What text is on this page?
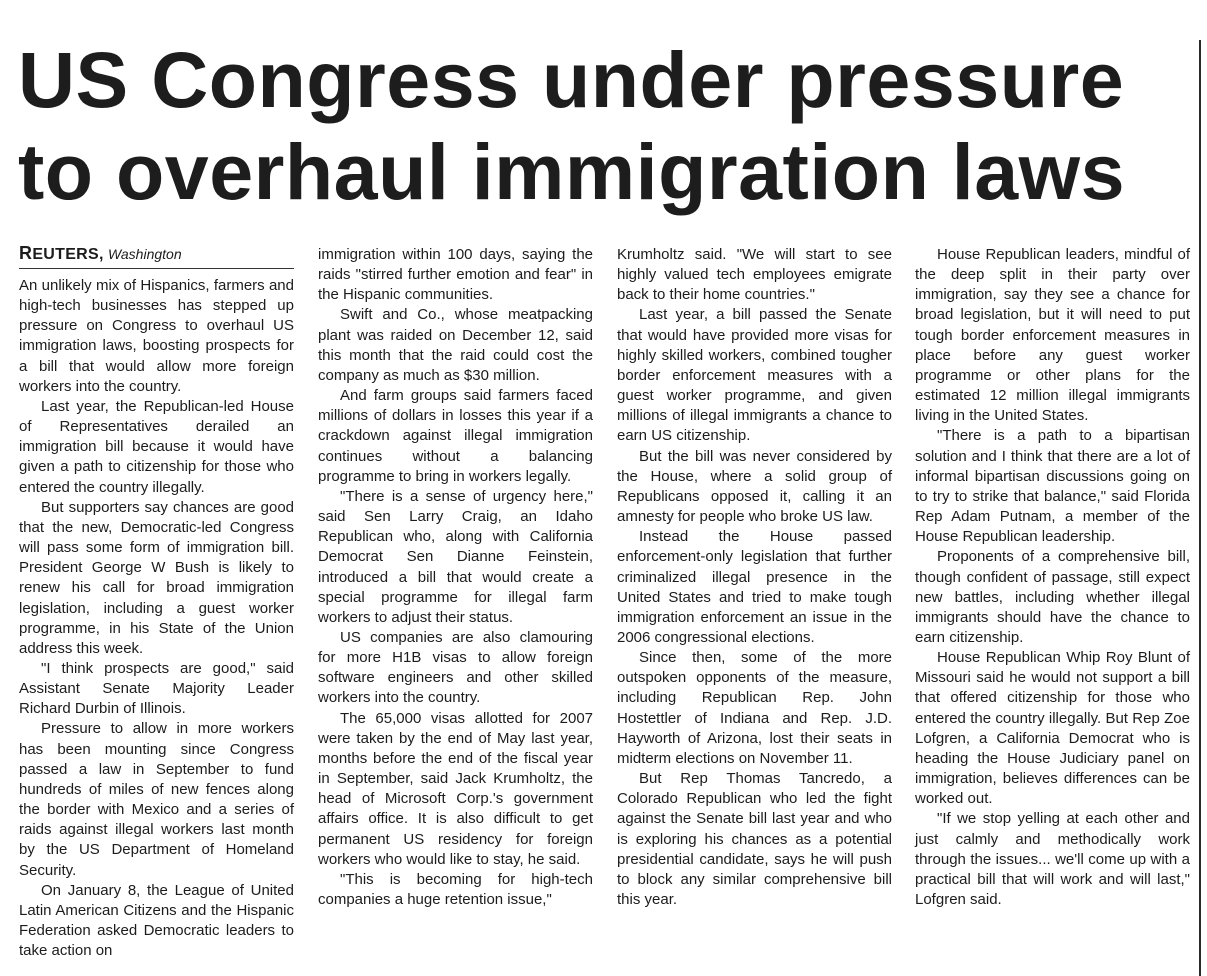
US Congress under pressure
to overhaul immigration laws
REUTERS, Washington

An unlikely mix of Hispanics, farmers and high-tech businesses has stepped up pressure on Congress to overhaul US immigration laws, boosting prospects for a bill that would allow more foreign workers into the country.

Last year, the Republican-led House of Representatives derailed an immigration bill because it would have given a path to citizenship for those who entered the country illegally.

But supporters say chances are good that the new, Democratic-led Congress will pass some form of immigration bill. President George W Bush is likely to renew his call for broad immigration legislation, including a guest worker programme, in his State of the Union address this week.

"I think prospects are good," said Assistant Senate Majority Leader Richard Durbin of Illinois.

Pressure to allow in more workers has been mounting since Congress passed a law in September to fund hundreds of miles of new fences along the border with Mexico and a series of raids against illegal workers last month by the US Department of Homeland Security.

On January 8, the League of United Latin American Citizens and the Hispanic Federation asked Democratic leaders to take action on

immigration within 100 days, saying the raids "stirred further emotion and fear" in the Hispanic communities.

Swift and Co., whose meatpacking plant was raided on December 12, said this month that the raid could cost the company as much as $30 million.

And farm groups said farmers faced millions of dollars in losses this year if a crackdown against illegal immigration continues without a balancing programme to bring in workers legally.

"There is a sense of urgency here," said Sen Larry Craig, an Idaho Republican who, along with California Democrat Sen Dianne Feinstein, introduced a bill that would create a special programme for illegal farm workers to adjust their status.

US companies are also clamouring for more H1B visas to allow foreign software engineers and other skilled workers into the country.

The 65,000 visas allotted for 2007 were taken by the end of May last year, months before the end of the fiscal year in September, said Jack Krumholtz, the head of Microsoft Corp.'s government affairs office. It is also difficult to get permanent US residency for foreign workers who would like to stay, he said.

"This is becoming for high-tech companies a huge retention issue,"

Krumholtz said. "We will start to see highly valued tech employees emigrate back to their home countries."

Last year, a bill passed the Senate that would have provided more visas for highly skilled workers, combined tougher border enforcement measures with a guest worker programme, and given millions of illegal immigrants a chance to earn US citizenship.

But the bill was never considered by the House, where a solid group of Republicans opposed it, calling it an amnesty for people who broke US law.

Instead the House passed enforcement-only legislation that further criminalized illegal presence in the United States and tried to make tough immigration enforcement an issue in the 2006 congressional elections.

Since then, some of the more outspoken opponents of the measure, including Republican Rep. John Hostettler of Indiana and Rep. J.D. Hayworth of Arizona, lost their seats in midterm elections on November 11.

But Rep Thomas Tancredo, a Colorado Republican who led the fight against the Senate bill last year and who is exploring his chances as a potential presidential candidate, says he will push to block any similar comprehensive bill this year.

House Republican leaders, mindful of the deep split in their party over immigration, say they see a chance for broad legislation, but it will need to put tough border enforcement measures in place before any guest worker programme or other plans for the estimated 12 million illegal immigrants living in the United States.

"There is a path to a bipartisan solution and I think that there are a lot of informal bipartisan discussions going on to try to strike that balance," said Florida Rep Adam Putnam, a member of the House Republican leadership.

Proponents of a comprehensive bill, though confident of passage, still expect new battles, including whether illegal immigrants should have the chance to earn citizenship.

House Republican Whip Roy Blunt of Missouri said he would not support a bill that offered citizenship for those who entered the country illegally. But Rep Zoe Lofgren, a California Democrat who is heading the House Judiciary panel on immigration, believes differences can be worked out.

"If we stop yelling at each other and just calmly and methodically work through the issues... we'll come up with a practical bill that will work and will last," Lofgren said.
